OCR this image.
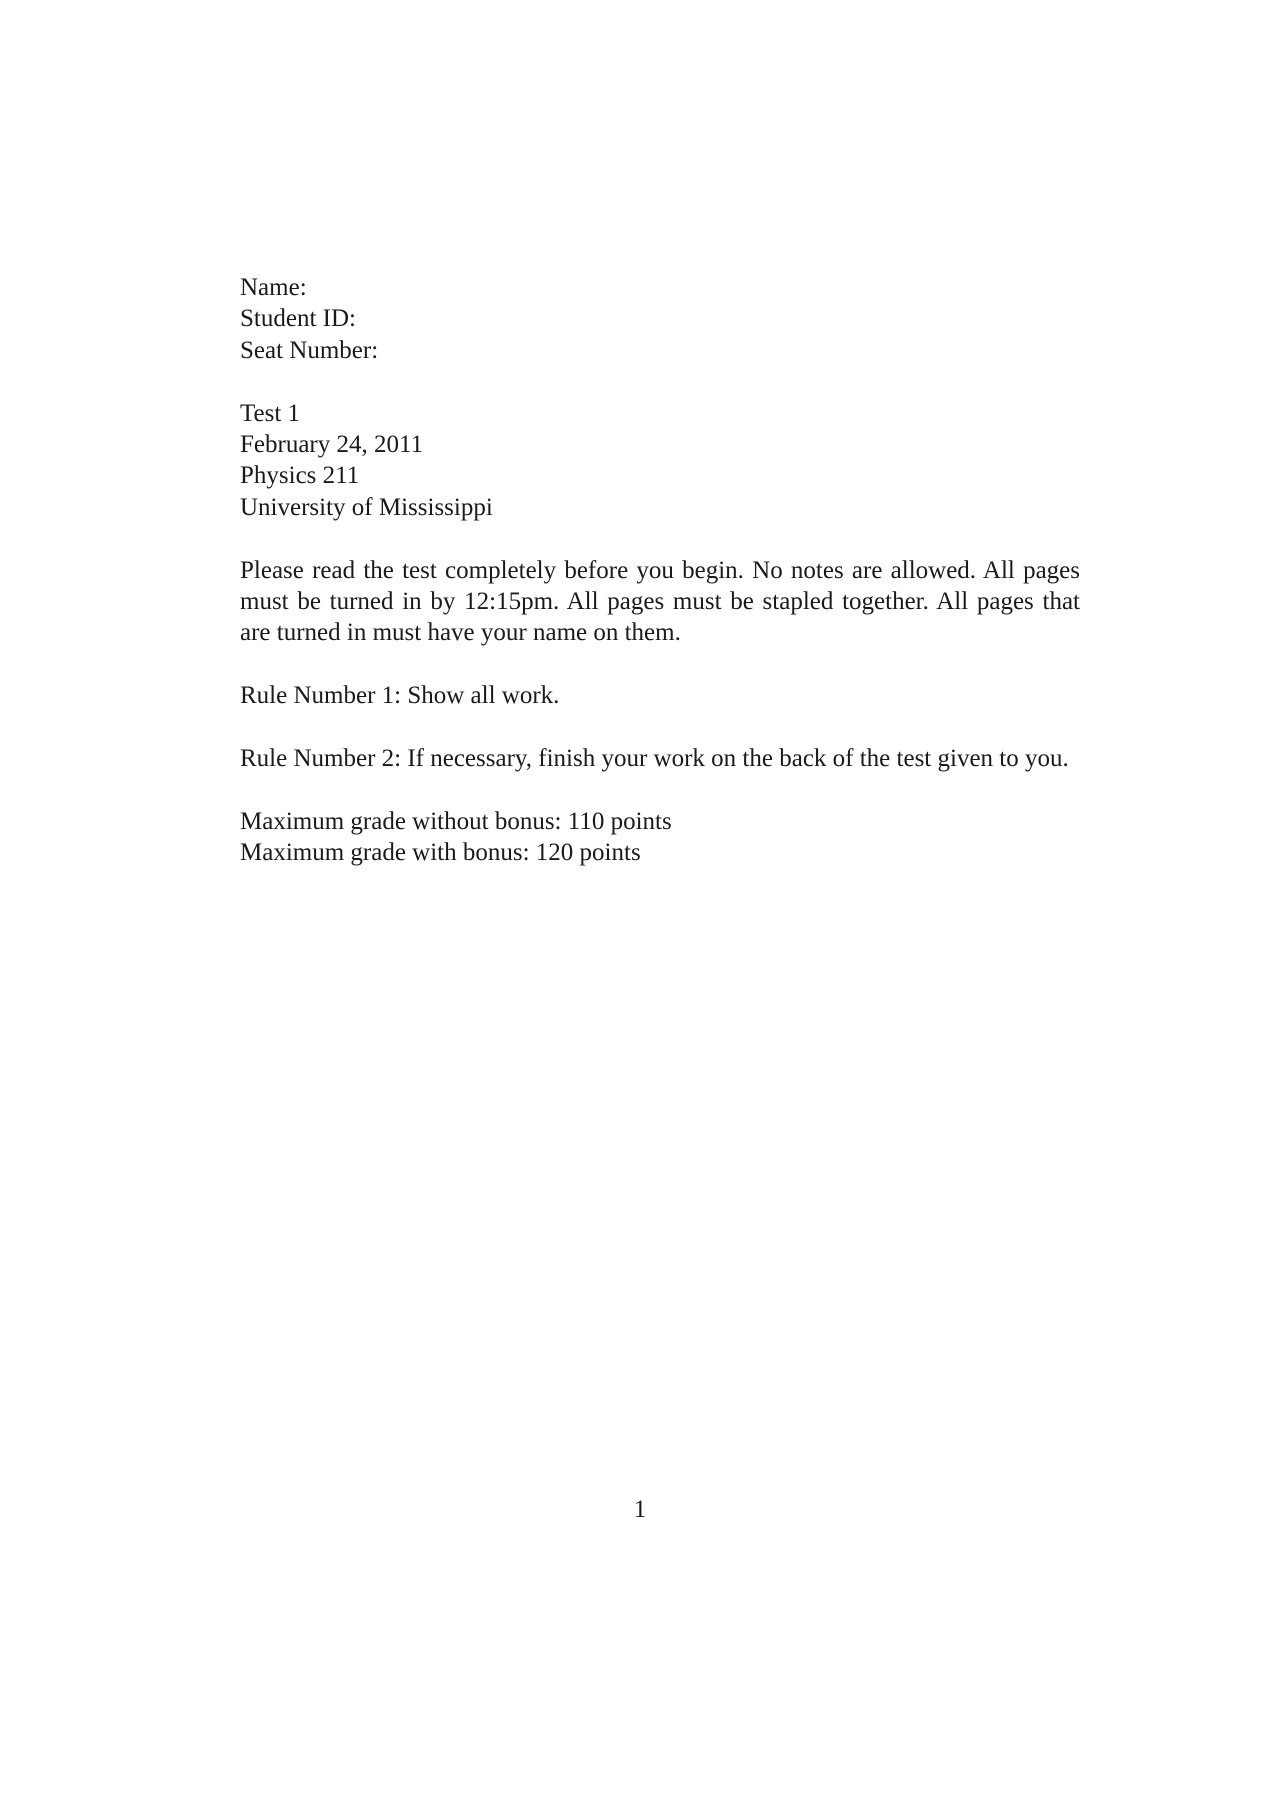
Name:

Student ID:

Seat Number:

Test 1

February 24, 2011

Physics 211

University of Mississippi

Please read the test completely before you begin. No notes are allowed. All pages must be turned in by 12:15pm. All pages must be stapled together. All pages that are turned in must have your name on them.

Rule Number 1: Show all work.

Rule Number 2: If necessary, finish your work on the back of the test given to you.

Maximum grade without bonus: 110 points

Maximum grade with bonus: 120 points

1
